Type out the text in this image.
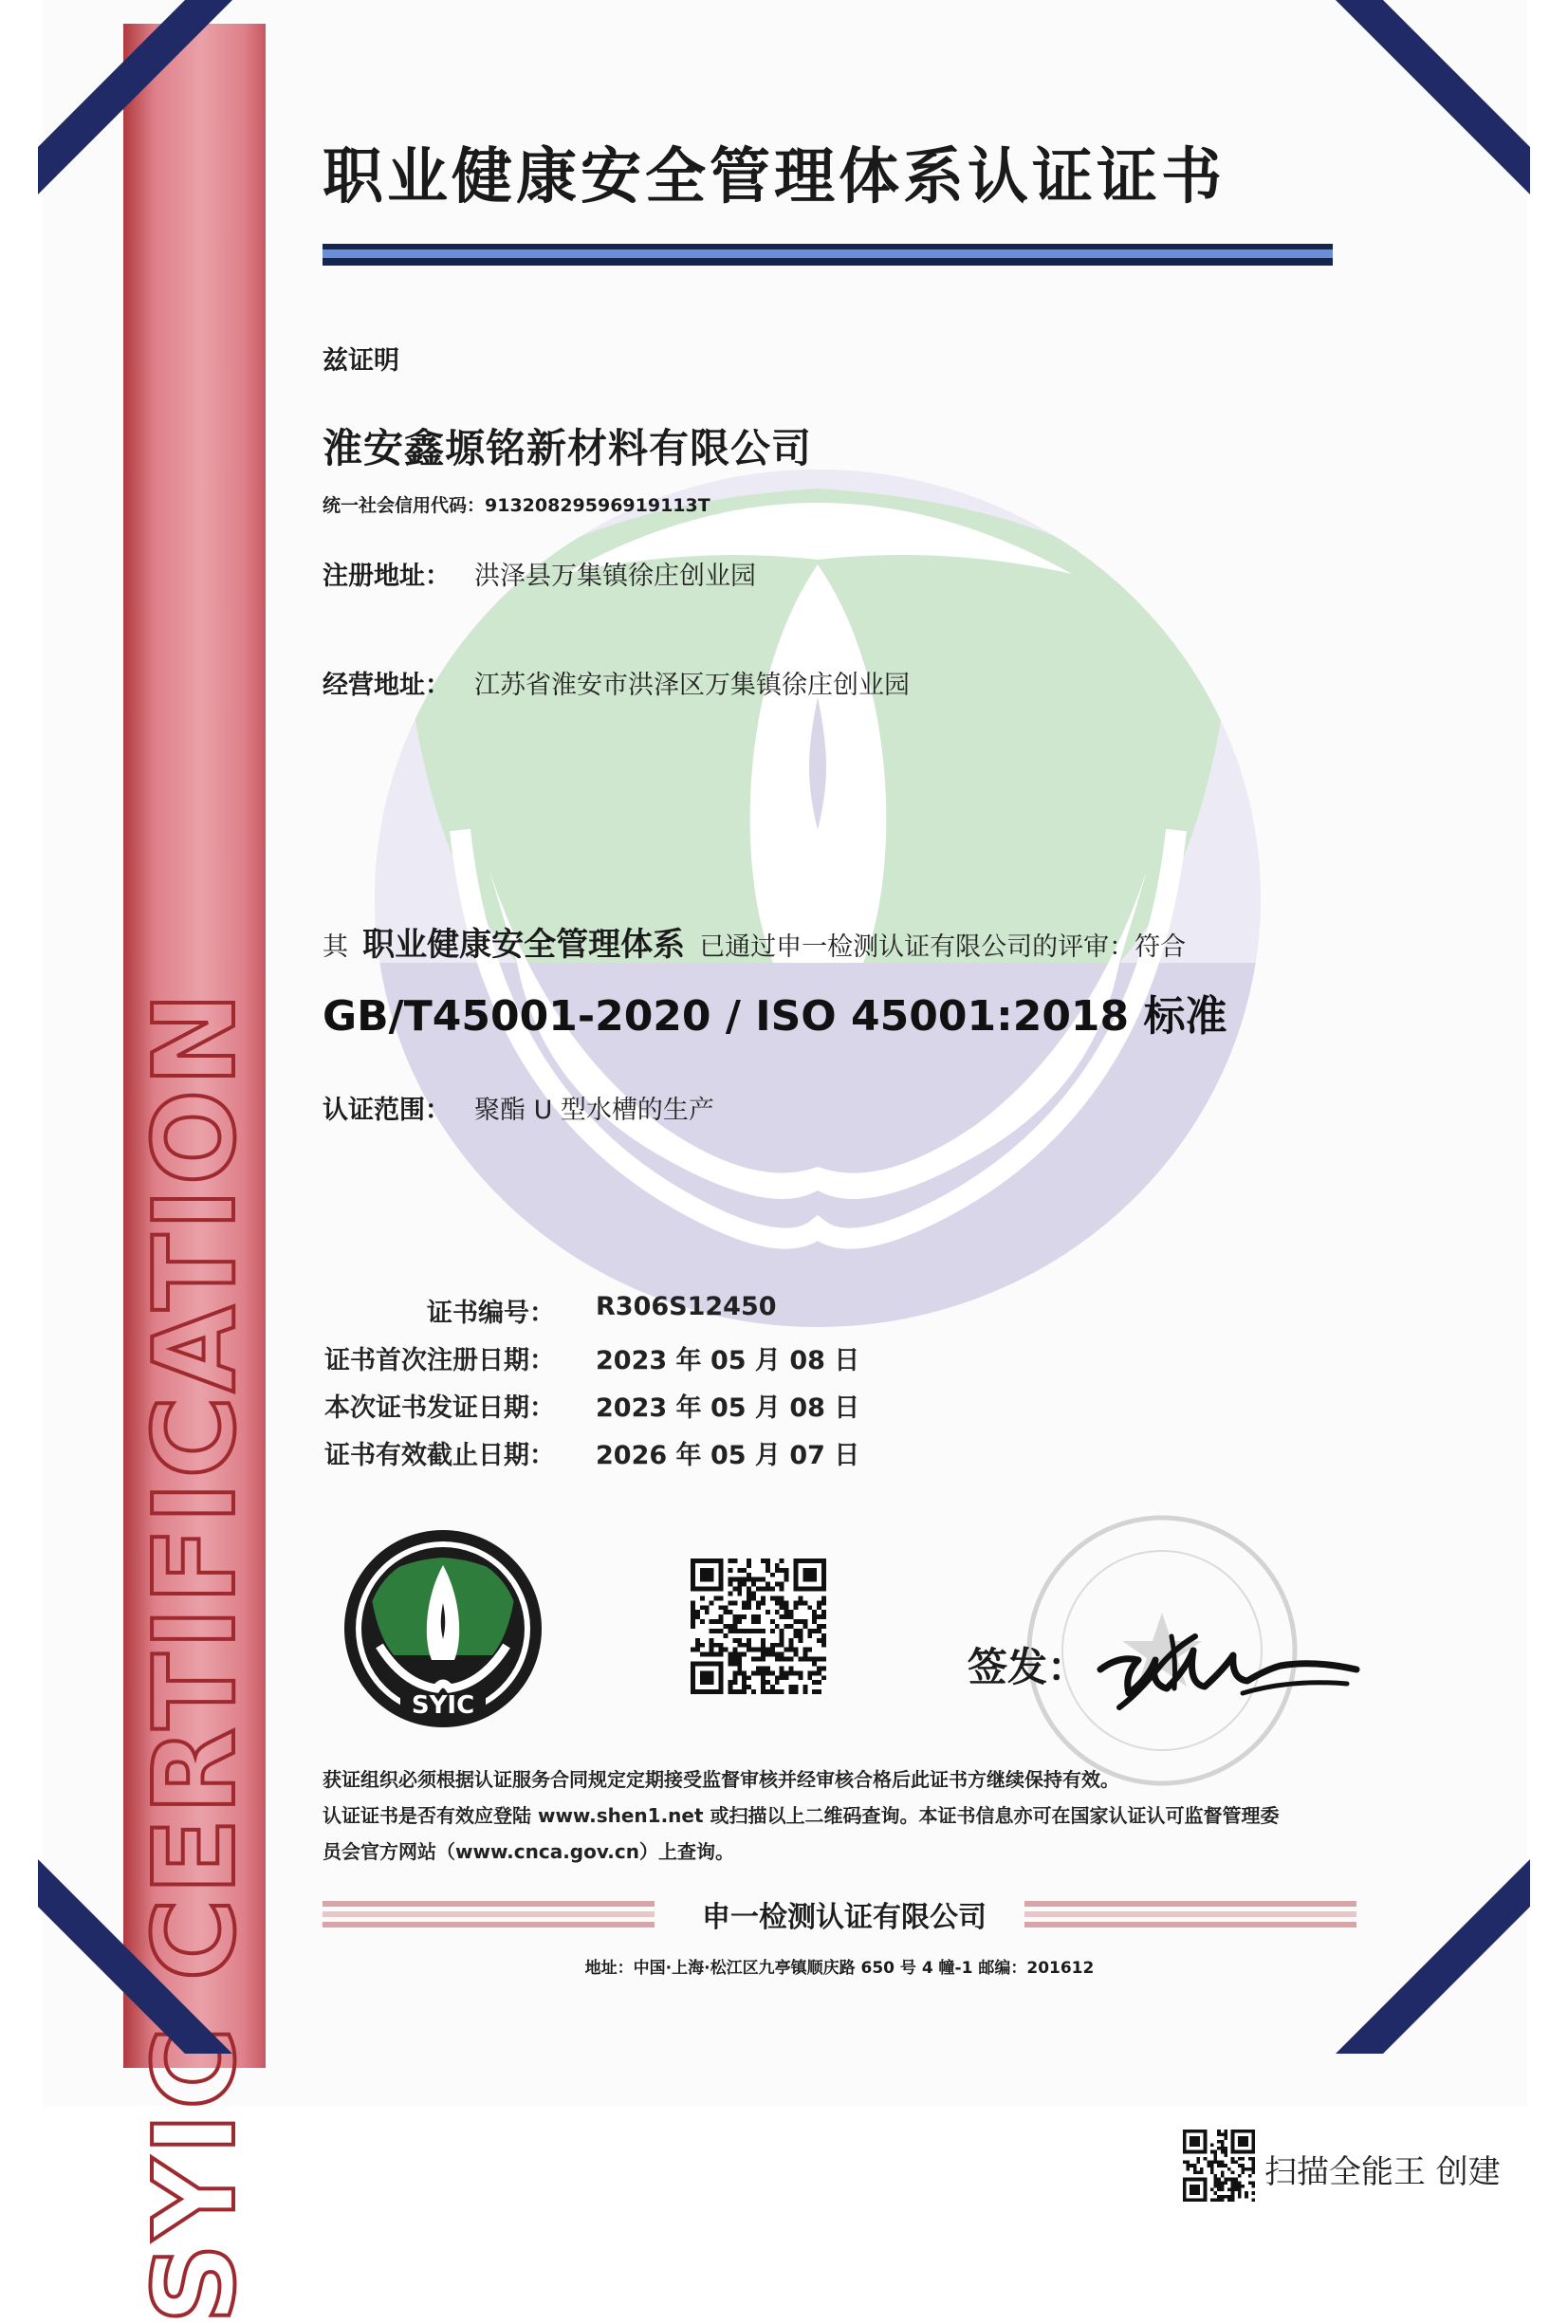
SYIC CERTIFICATION
职业健康安全管理体系认证证书
兹证明
淮安鑫塬铭新材料有限公司
统一社会信用代码：91320829596919113T
注册地址： 洪泽县万集镇徐庄创业园
经营地址： 江苏省淮安市洪泽区万集镇徐庄创业园
其 职业健康安全管理体系 已通过申一检测认证有限公司的评审：符合
GB/T45001-2020 / ISO 45001:2018 标准
认证范围： 聚酯 U 型水槽的生产
证书编号： R306S12450
证书首次注册日期： 2023 年 05 月 08 日
本次证书发证日期： 2023 年 05 月 08 日
证书有效截止日期： 2026 年 05 月 07 日
SYIC
签发：
获证组织必须根据认证服务合同规定定期接受监督审核并经审核合格后此证书方继续保持有效。
认证证书是否有效应登陆 www.shen1.net 或扫描以上二维码查询。本证书信息亦可在国家认证认可监督管理委
员会官方网站（www.cnca.gov.cn）上查询。
申一检测认证有限公司
地址：中国·上海·松江区九亭镇顺庆路 650 号 4 幢-1 邮编：201612
扫描全能王 创建
